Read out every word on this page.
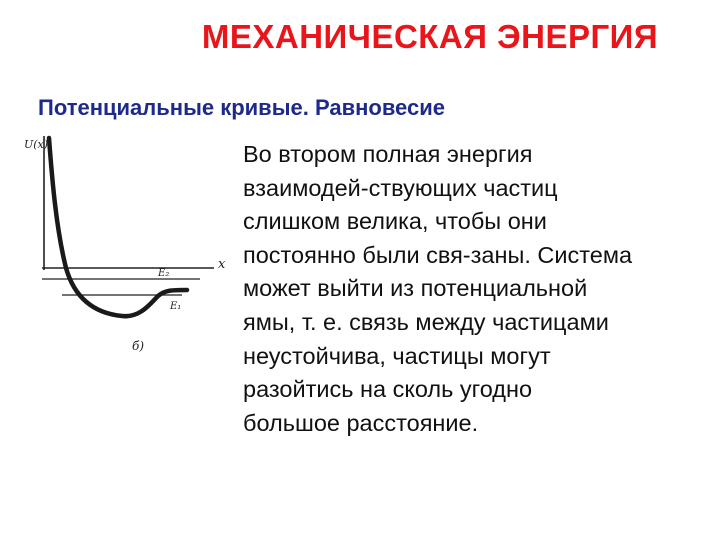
МЕХАНИЧЕСКАЯ ЭНЕРГИЯ
Потенциальные кривые. Равновесие
U(x)
x
E₂
E₁
б)
Во втором полная энергия
взаимодей-ствующих частиц
слишком велика, чтобы они
постоянно были свя-заны. Система
может выйти из потенциальной
ямы, т. е. связь между частицами
неустойчива, частицы могут
разойтись на сколь угодно
большое расстояние.
